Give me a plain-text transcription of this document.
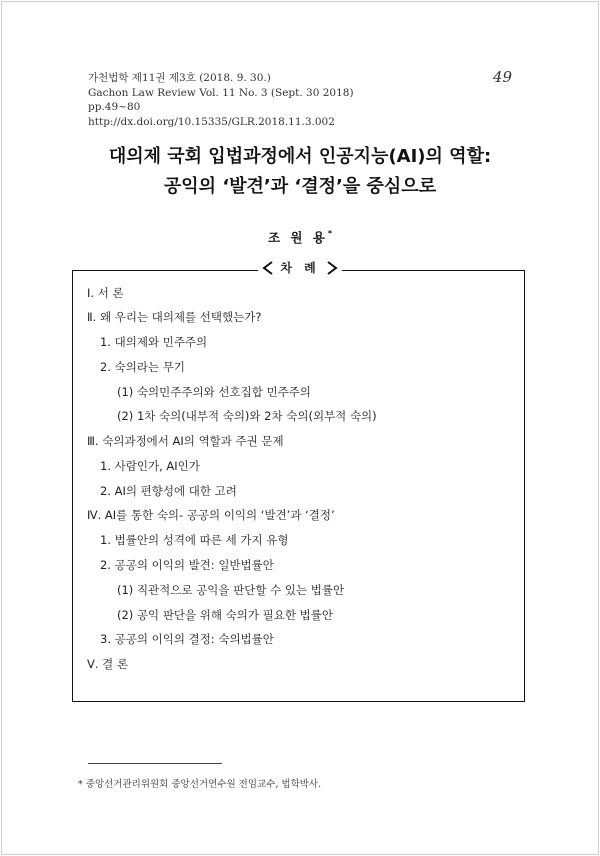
가천법학 제11권 제3호 (2018. 9. 30.)
Gachon Law Review Vol. 11 No. 3 (Sept. 30 2018)
pp.49~80
http://dx.doi.org/10.15335/GLR.2018.11.3.002
49
대의제 국회 입법과정에서 인공지능(AI)의 역할:
공익의 ‘발견’과 ‘결정’을 중심으로
조 원 용*
차 례
Ⅰ. 서 론
Ⅱ. 왜 우리는 대의제를 선택했는가?
1. 대의제와 민주주의
2. 숙의라는 무기
(1) 숙의민주주의와 선호집합 민주주의
(2) 1차 숙의(내부적 숙의)와 2차 숙의(외부적 숙의)
Ⅲ. 숙의과정에서 AI의 역할과 주권 문제
1. 사람인가, AI인가
2. AI의 편향성에 대한 고려
Ⅳ. AI를 통한 숙의- 공공의 이익의 ‘발견’과 ‘결정’
1. 법률안의 성격에 따른 세 가지 유형
2. 공공의 이익의 발견: 일반법률안
(1) 직관적으로 공익을 판단할 수 있는 법률안
(2) 공익 판단을 위해 숙의가 필요한 법률안
3. 공공의 이익의 결정: 숙의법률안
Ⅴ. 결 론
* 중앙선거관리위원회 중앙선거연수원 전임교수, 법학박사.
